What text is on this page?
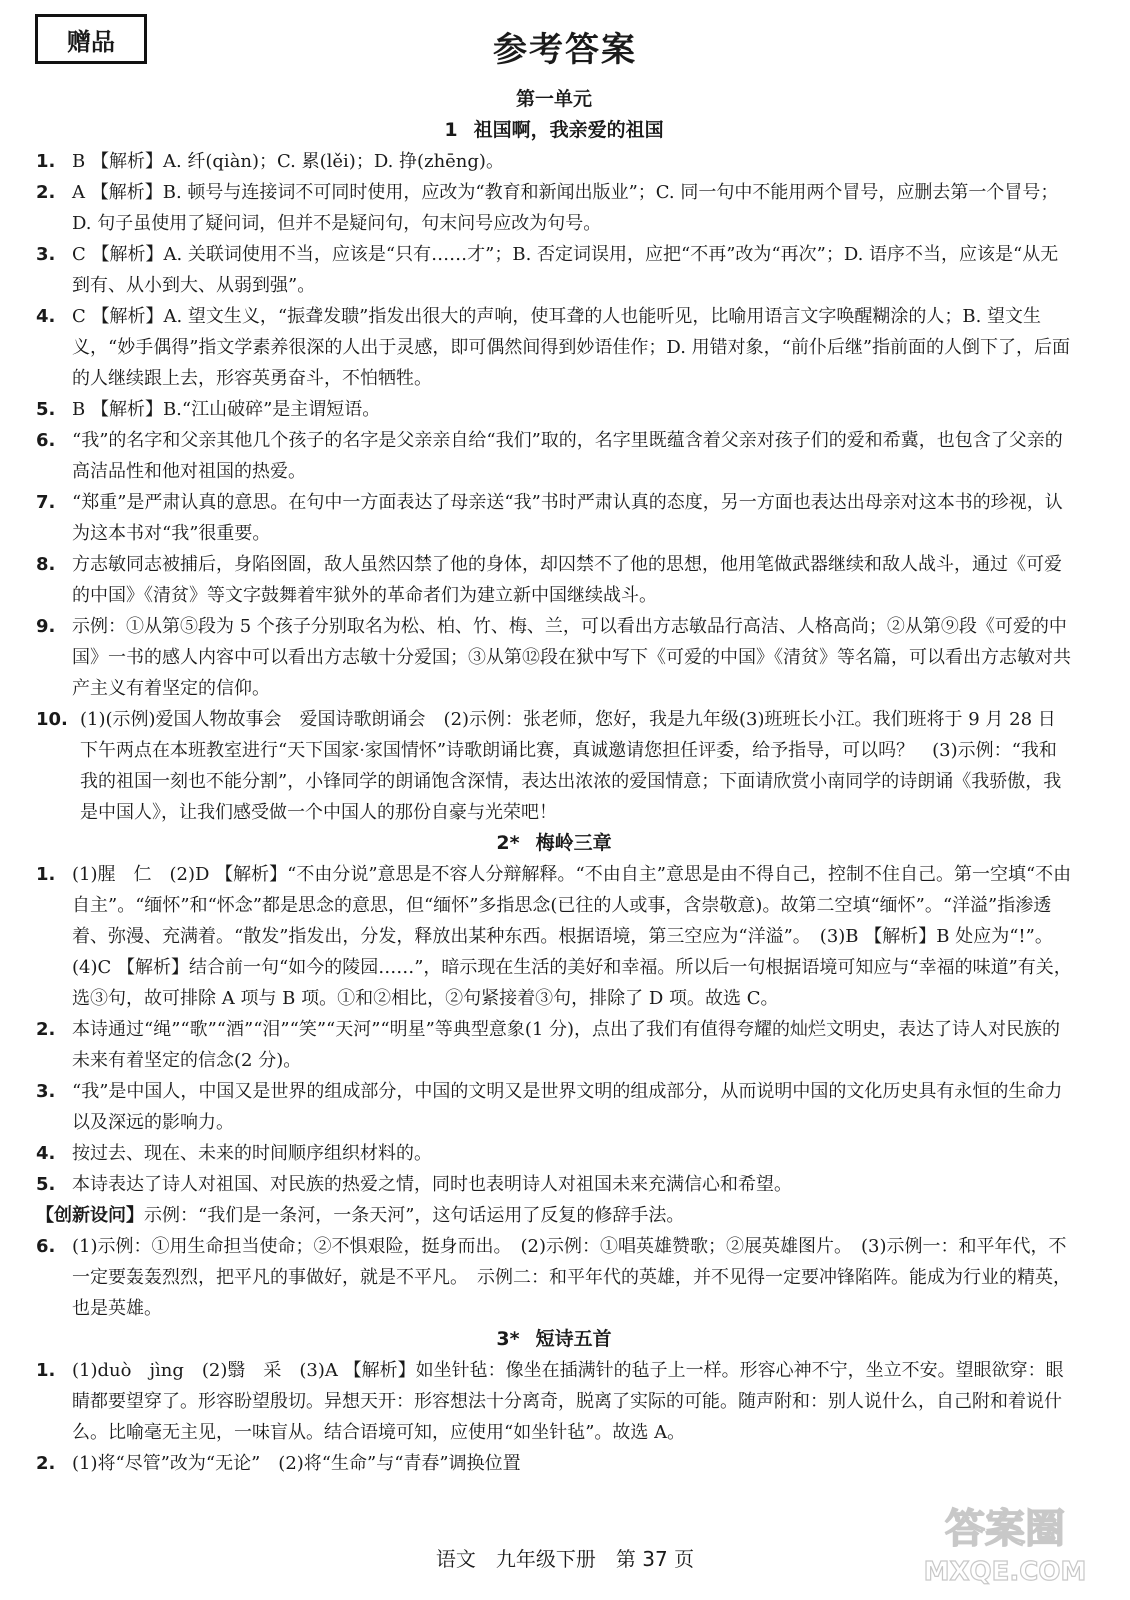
赠品	参考答案
第一单元
1 祖国啊，我亲爱的祖国
1. B 【解析】A. 纤(qiàn)；C. 累(lěi)；D. 挣(zhēng)。
2. A 【解析】B. 顿号与连接词不可同时使用，应改为“教育和新闻出版业”；C. 同一句中不能用两个冒号，应删去第一个冒号；D. 句子虽使用了疑问词，但并不是疑问句，句末问号应改为句号。
3. C 【解析】A. 关联词使用不当，应该是“只有……才”；B. 否定词误用，应把“不再”改为“再次”；D. 语序不当，应该是“从无到有、从小到大、从弱到强”。
4. C 【解析】A. 望文生义，“振聋发聩”指发出很大的声响，使耳聋的人也能听见，比喻用语言文字唤醒糊涂的人；B. 望文生义，“妙手偶得”指文学素养很深的人出于灵感，即可偶然间得到妙语佳作；D. 用错对象，“前仆后继”指前面的人倒下了，后面的人继续跟上去，形容英勇奋斗，不怕牺牲。
5. B 【解析】B.“江山破碎”是主谓短语。
6. “我”的名字和父亲其他几个孩子的名字是父亲亲自给“我们”取的，名字里既蕴含着父亲对孩子们的爱和希冀，也包含了父亲的高洁品性和他对祖国的热爱。
7. “郑重”是严肃认真的意思。在句中一方面表达了母亲送“我”书时严肃认真的态度，另一方面也表达出母亲对这本书的珍视，认为这本书对“我”很重要。
8. 方志敏同志被捕后，身陷囹圄，敌人虽然囚禁了他的身体，却囚禁不了他的思想，他用笔做武器继续和敌人战斗，通过《可爱的中国》《清贫》等文字鼓舞着牢狱外的革命者们为建立新中国继续战斗。
9. 示例：①从第⑤段为 5 个孩子分别取名为松、柏、竹、梅、兰，可以看出方志敏品行高洁、人格高尚；②从第⑨段《可爱的中国》一书的感人内容中可以看出方志敏十分爱国；③从第⑫段在狱中写下《可爱的中国》《清贫》等名篇，可以看出方志敏对共产主义有着坚定的信仰。
10. (1)(示例)爱国人物故事会　爱国诗歌朗诵会　(2)示例：张老师，您好，我是九年级(3)班班长小江。我们班将于 9 月 28 日下午两点在本班教室进行“天下国家·家国情怀”诗歌朗诵比赛，真诚邀请您担任评委，给予指导，可以吗？　(3)示例：“我和我的祖国一刻也不能分割”，小锋同学的朗诵饱含深情，表达出浓浓的爱国情意；下面请欣赏小南同学的诗朗诵《我骄傲，我是中国人》，让我们感受做一个中国人的那份自豪与光荣吧！
2* 梅岭三章
1. (1)腥　仁　(2)D 【解析】“不由分说”意思是不容人分辩解释。“不由自主”意思是由不得自己，控制不住自己。第一空填“不由自主”。“缅怀”和“怀念”都是思念的意思，但“缅怀”多指思念(已往的人或事，含崇敬意)。故第二空填“缅怀”。“洋溢”指渗透着、弥漫、充满着。“散发”指发出，分发，释放出某种东西。根据语境，第三空应为“洋溢”。　(3)B 【解析】B 处应为“!”。　(4)C 【解析】结合前一句“如今的陵园……”，暗示现在生活的美好和幸福。所以后一句根据语境可知应与“幸福的味道”有关，选③句，故可排除 A 项与 B 项。①和②相比，②句紧接着③句，排除了 D 项。故选 C。
2. 本诗通过“绳”“歌”“酒”“泪”“笑”“天河”“明星”等典型意象(1 分)，点出了我们有值得夸耀的灿烂文明史，表达了诗人对民族的未来有着坚定的信念(2 分)。
3. “我”是中国人，中国又是世界的组成部分，中国的文明又是世界文明的组成部分，从而说明中国的文化历史具有永恒的生命力以及深远的影响力。
4. 按过去、现在、未来的时间顺序组织材料的。
5. 本诗表达了诗人对祖国、对民族的热爱之情，同时也表明诗人对祖国未来充满信心和希望。
【创新设问】示例：“我们是一条河，一条天河”，这句话运用了反复的修辞手法。
6. (1)示例：①用生命担当使命；②不惧艰险，挺身而出。　(2)示例：①唱英雄赞歌；②展英雄图片。　(3)示例一：和平年代，不一定要轰轰烈烈，把平凡的事做好，就是不平凡。　示例二：和平年代的英雄，并不见得一定要冲锋陷阵。能成为行业的精英，也是英雄。
3* 短诗五首
1. (1)duò　jìng　(2)翳　采　(3)A 【解析】如坐针毡：像坐在插满针的毡子上一样。形容心神不宁，坐立不安。望眼欲穿：眼睛都要望穿了。形容盼望殷切。异想天开：形容想法十分离奇，脱离了实际的可能。随声附和：别人说什么，自己附和着说什么。比喻毫无主见，一味盲从。结合语境可知，应使用“如坐针毡”。故选 A。
2. (1)将“尽管”改为“无论”　(2)将“生命”与“青春”调换位置
语文　九年级下册　第 37 页
答案圈
MXQE.COM
